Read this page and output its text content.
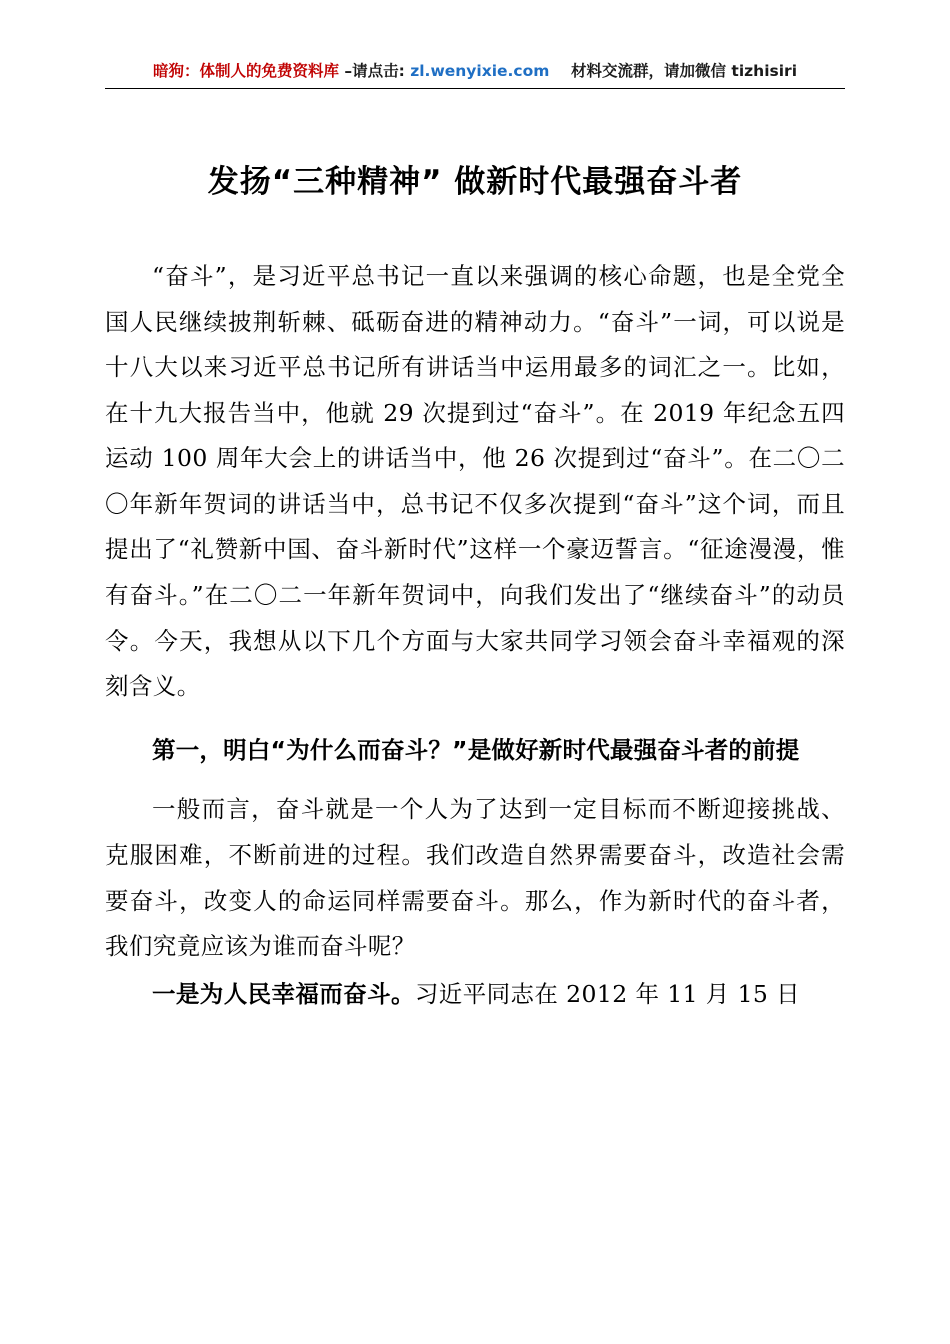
暗狗：体制人的免费资料库 –请点击: zl.wenyixie.com 材料交流群，请加微信 tizhisiri
发扬“三种精神” 做新时代最强奋斗者

“奋斗”，是习近平总书记一直以来强调的核心命题，也是全党全国人民继续披荆斩棘、砥砺奋进的精神动力。“奋斗”一词，可以说是十八大以来习近平总书记所有讲话当中运用最多的词汇之一。比如，在十九大报告当中，他就 29 次提到过“奋斗”。在 2019 年纪念五四运动 100 周年大会上的讲话当中，他 26 次提到过“奋斗”。在二〇二〇年新年贺词的讲话当中，总书记不仅多次提到“奋斗”这个词，而且提出了“礼赞新中国、奋斗新时代”这样一个豪迈誓言。“征途漫漫，惟有奋斗。”在二〇二一年新年贺词中，向我们发出了“继续奋斗”的动员令。今天，我想从以下几个方面与大家共同学习领会奋斗幸福观的深刻含义。

第一，明白“为什么而奋斗？”是做好新时代最强奋斗者的前提

一般而言，奋斗就是一个人为了达到一定目标而不断迎接挑战、克服困难，不断前进的过程。我们改造自然界需要奋斗，改造社会需要奋斗，改变人的命运同样需要奋斗。那么，作为新时代的奋斗者，我们究竟应该为谁而奋斗呢？

一是为人民幸福而奋斗。习近平同志在 2012 年 11 月 15 日
